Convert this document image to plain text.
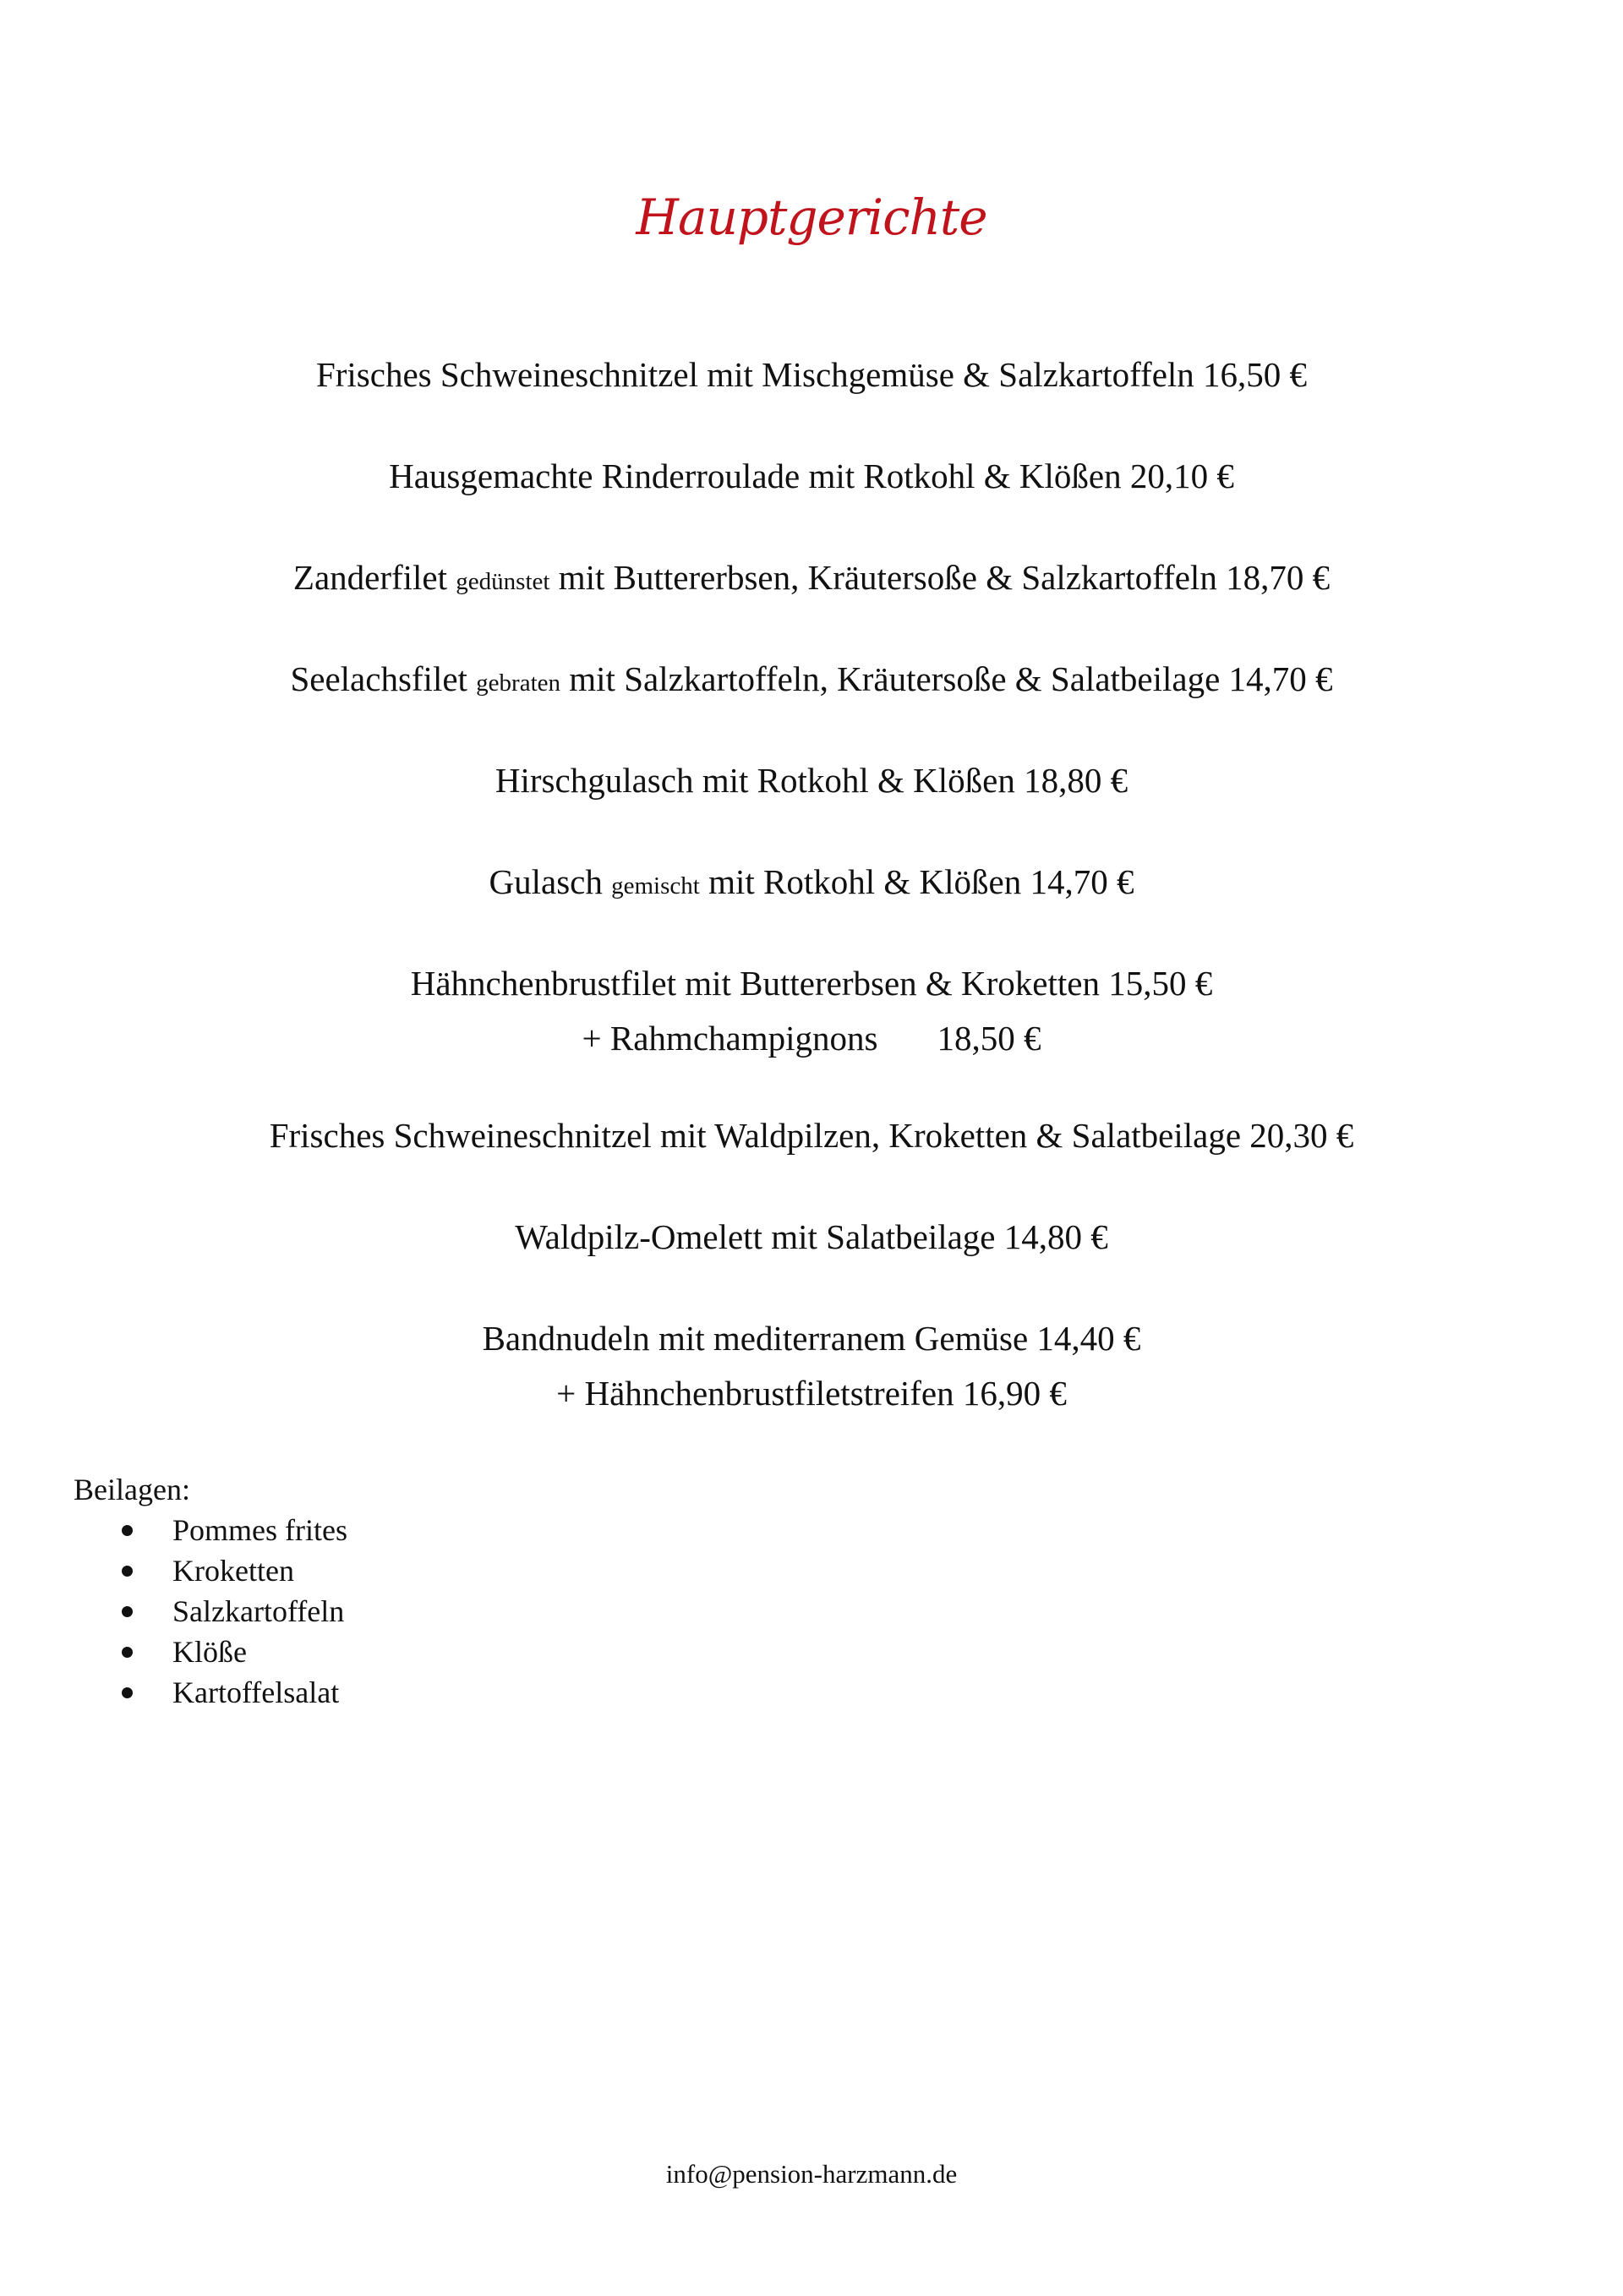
Hauptgerichte
Frisches Schweineschnitzel mit Mischgemüse & Salzkartoffeln 16,50 €
Hausgemachte Rinderroulade mit Rotkohl & Klößen 20,10 €
Zanderfilet gedünstet mit Buttererbsen, Kräutersoße & Salzkartoffeln 18,70 €
Seelachsfilet gebraten mit Salzkartoffeln, Kräutersoße & Salatbeilage 14,70 €
Hirschgulasch mit Rotkohl & Klößen 18,80 €
Gulasch gemischt mit Rotkohl & Klößen 14,70 €
Hähnchenbrustfilet mit Buttererbsen & Kroketten 15,50 €
+ Rahmchampignons 18,50 €
Frisches Schweineschnitzel mit Waldpilzen, Kroketten & Salatbeilage 20,30 €
Waldpilz-Omelett mit Salatbeilage 14,80 €
Bandnudeln mit mediterranem Gemüse 14,40 €
+ Hähnchenbrustfiletstreifen 16,90 €
Beilagen:
Pommes frites
Kroketten
Salzkartoffeln
Klöße
Kartoffelsalat
info@pension-harzmann.de
